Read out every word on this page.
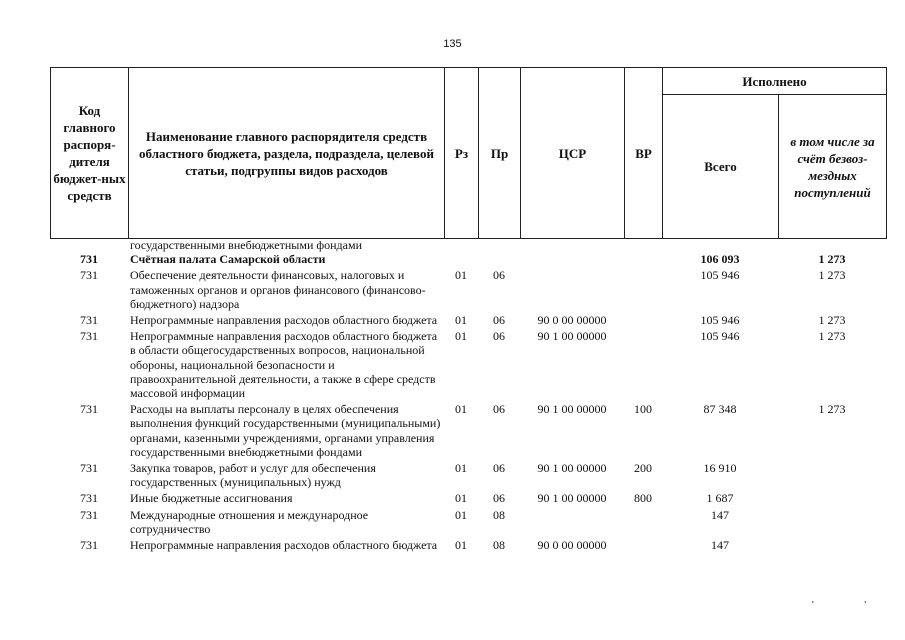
135
Код главного распоря-дителя бюджет-ных средств	Наименование главного распорядителя средств областного бюджета, раздела, подраздела, целевой статьи, подгруппы видов расходов	Рз	Пр	ЦСР	ВР	Исполнено	
						Всего	в том числе за счёт безвоз-мездных поступлений
	государственными внебюджетными фондами						
731	Счётная палата Самарской области					106 093	1 273
731	Обеспечение деятельности финансовых, налоговых и таможенных органов и органов финансового (финансово-бюджетного) надзора	01	06			105 946	1 273
731	Непрограммные направления расходов областного бюджета	01	06	90 0 00 00000		105 946	1 273
731	Непрограммные направления расходов областного бюджета в области общегосударственных вопросов, национальной обороны, национальной безопасности и правоохранительной деятельности, а также в сфере средств массовой информации	01	06	90 1 00 00000		105 946	1 273
731	Расходы на выплаты персоналу в целях обеспечения выполнения функций государственными (муниципальными) органами, казенными учреждениями, органами управления государственными внебюджетными фондами	01	06	90 1 00 00000	100	87 348	1 273
731	Закупка товаров, работ и услуг для обеспечения государственных (муниципальных) нужд	01	06	90 1 00 00000	200	16 910	
731	Иные бюджетные ассигнования	01	06	90 1 00 00000	800	1 687	
731	Международные отношения и международное сотрудничество	01	08			147	
731	Непрограммные направления расходов областного бюджета	01	08	90 0 00 00000		147	
' '
